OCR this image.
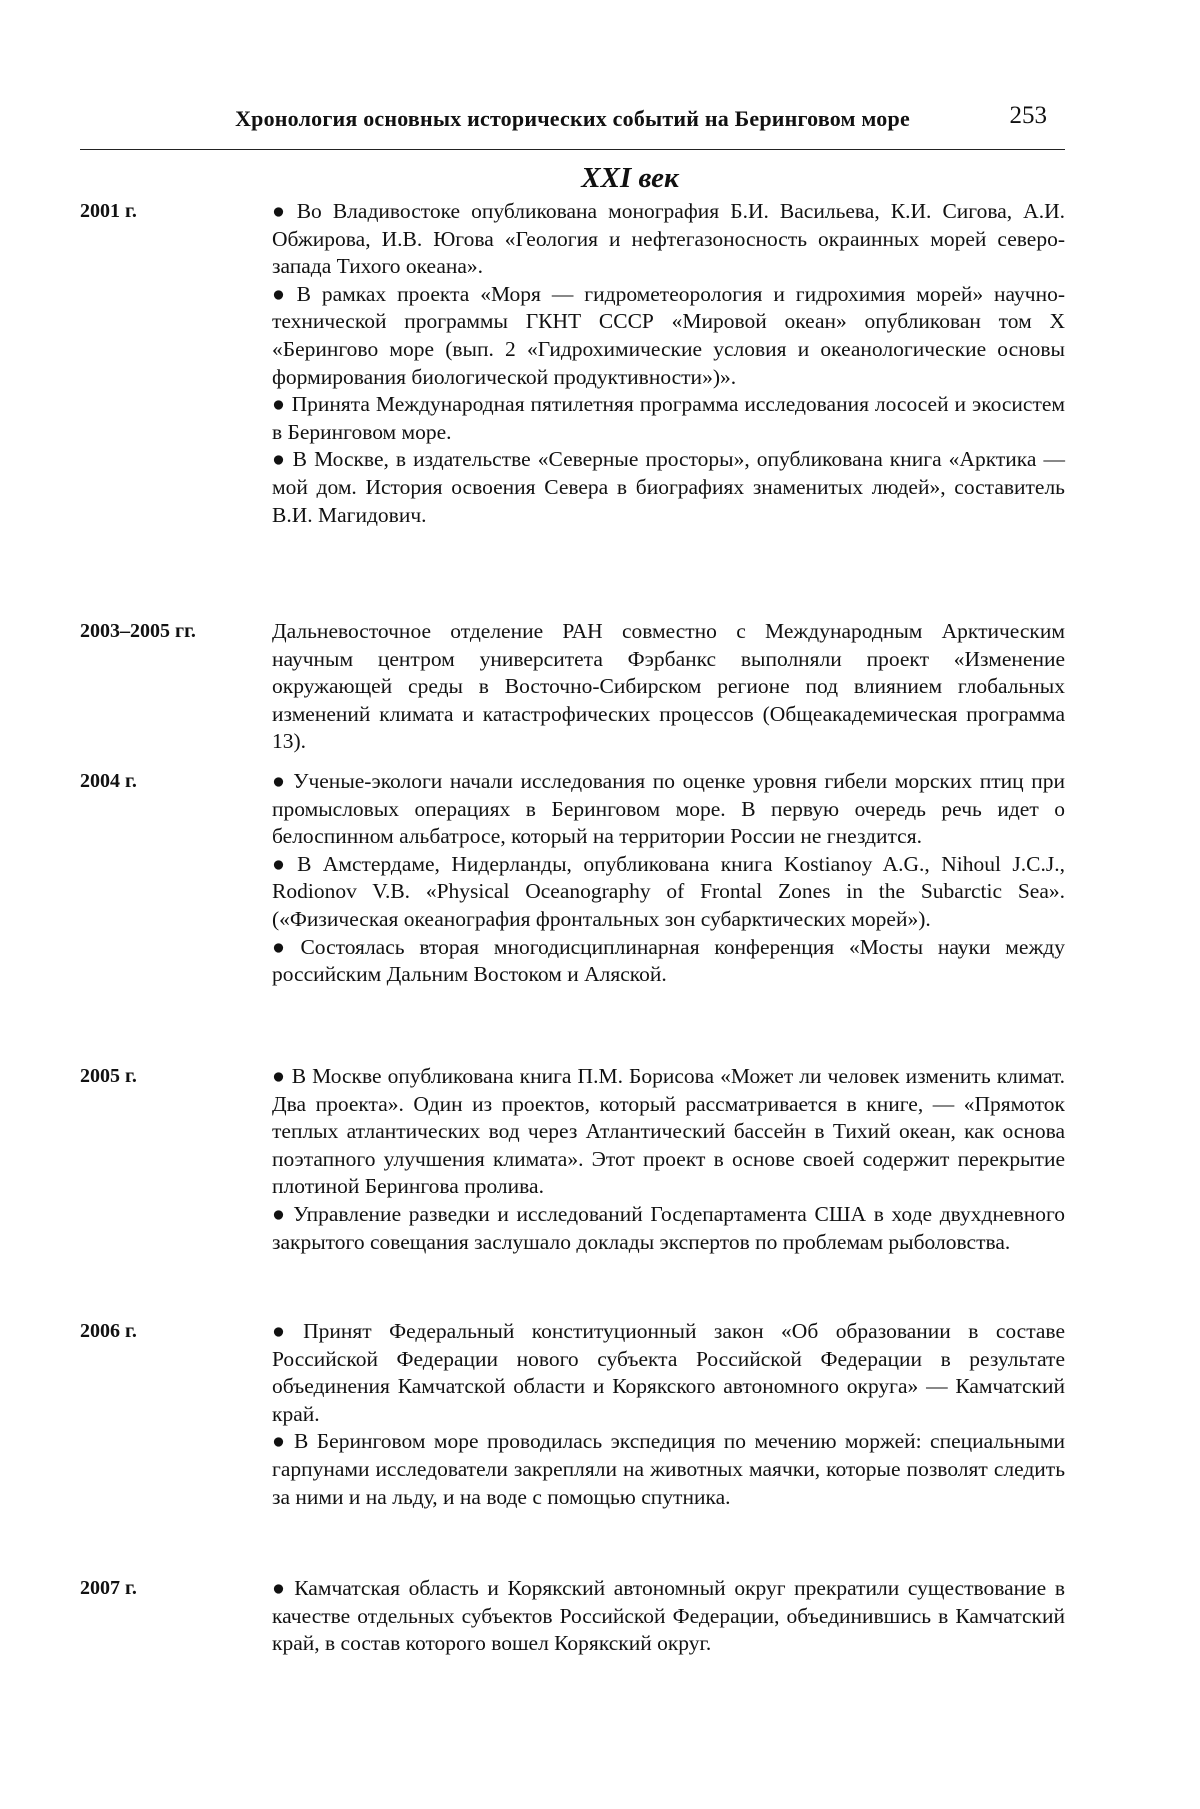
Хронология основных исторических событий на Беринговом море	253
XXI век
2001 г.	● Во Владивостоке опубликована монография Б.И. Васильева, К.И. Сигова, А.И. Обжирова, И.В. Югова «Геология и нефтегазоносность окраинных морей северо-запада Тихого океана».

● В рамках проекта «Моря — гидрометеорология и гидрохимия морей» научно-технической программы ГКНТ СССР «Мировой океан» опубликован том X «Берингово море (вып. 2 «Гидрохимические условия и океанологические основы формирования биологической продуктивности»)».

● Принята Международная пятилетняя программа исследования лососей и экосистем в Беринговом море.

● В Москве, в издательстве «Северные просторы», опубликована книга «Арктика — мой дом. История освоения Севера в биографиях знаменитых людей», составитель В.И. Магидович.

2003–2005 гг.	Дальневосточное отделение РАН совместно с Международным Арктическим научным центром университета Фэрбанкс выполняли проект «Изменение окружающей среды в Восточно-Сибирском регионе под влиянием глобальных изменений климата и катастрофических процессов (Общеакадемическая программа 13).

2004 г.	● Ученые-экологи начали исследования по оценке уровня гибели морских птиц при промысловых операциях в Беринговом море. В первую очередь речь идет о белоспинном альбатросе, который на территории России не гнездится.

● В Амстердаме, Нидерланды, опубликована книга Kostianoy A.G., Nihoul J.C.J., Rodionov V.B. «Physical Oceanography of Frontal Zones in the Subarctic Sea». («Физическая океанография фронтальных зон субарктических морей»).

● Состоялась вторая многодисциплинарная конференция «Мосты науки между российским Дальним Востоком и Аляской.

2005 г.	● В Москве опубликована книга П.М. Борисова «Может ли человек изменить климат. Два проекта». Один из проектов, который рассматривается в книге, — «Прямоток теплых атлантических вод через Атлантический бассейн в Тихий океан, как основа поэтапного улучшения климата». Этот проект в основе своей содержит перекрытие плотиной Берингова пролива.

● Управление разведки и исследований Госдепартамента США в ходе двухдневного закрытого совещания заслушало доклады экспертов по проблемам рыболовства.

2006 г.	● Принят Федеральный конституционный закон «Об образовании в составе Российской Федерации нового субъекта Российской Федерации в результате объединения Камчатской области и Корякского автономного округа» — Камчатский край.

● В Беринговом море проводилась экспедиция по мечению моржей: специальными гарпунами исследователи закрепляли на животных маячки, которые позволят следить за ними и на льду, и на воде с помощью спутника.

2007 г.	● Камчатская область и Корякский автономный округ прекратили существование в качестве отдельных субъектов Российской Федерации, объединившись в Камчатский край, в состав которого вошел Корякский округ.
